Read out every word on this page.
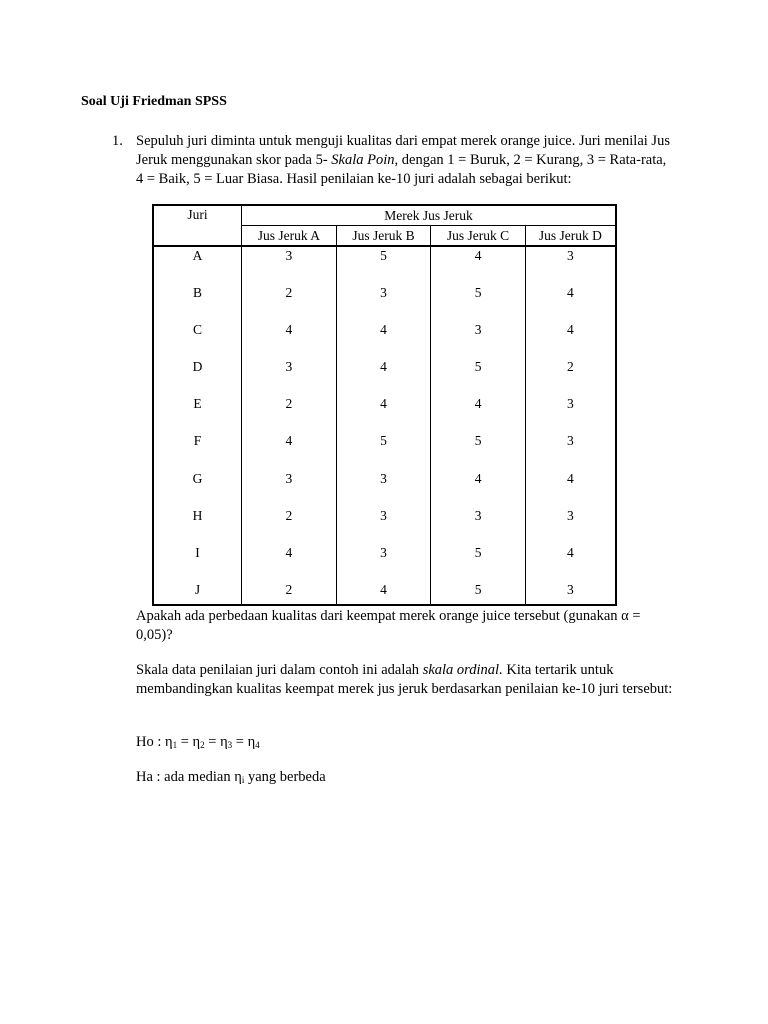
Soal Uji Friedman SPSS
1. Sepuluh juri diminta untuk menguji kualitas dari empat merek orange juice. Juri menilai Jus Jeruk menggunakan skor pada 5- Skala Poin, dengan 1 = Buruk, 2 = Kurang, 3 = Rata-rata, 4 = Baik, 5 = Luar Biasa. Hasil penilaian ke-10 juri adalah sebagai berikut:
Juri	Merek Jus Jeruk			
	Jus Jeruk A	Jus Jeruk B	Jus Jeruk C	Jus Jeruk D
A	3	5	4	3
B	2	3	5	4
C	4	4	3	4
D	3	4	5	2
E	2	4	4	3
F	4	5	5	3
G	3	3	4	4
H	2	3	3	3
I	4	3	5	4
J	2	4	5	3
Apakah ada perbedaan kualitas dari keempat merek orange juice tersebut (gunakan α = 0,05)?
Skala data penilaian juri dalam contoh ini adalah skala ordinal. Kita tertarik untuk membandingkan kualitas keempat merek jus jeruk berdasarkan penilaian ke-10 juri tersebut:
Ho : $\eta_1 = \eta_2 = \eta_3 = \eta_4$
Ha : ada median $\eta_i$ yang berbeda
